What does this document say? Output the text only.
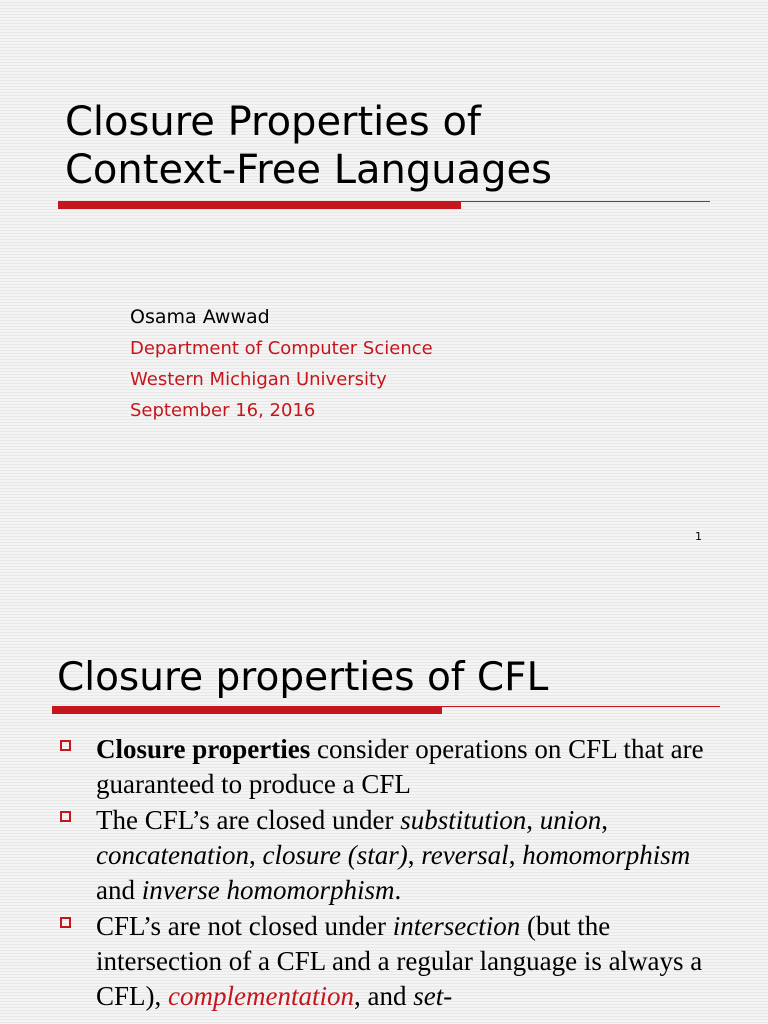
Closure Properties of
Context-Free Languages
Osama Awwad
Department of Computer Science
Western Michigan University
September 16, 2016
1
Closure properties of CFL
Closure properties consider operations on CFL that are guaranteed to produce a CFL
The CFL’s are closed under substitution, union, concatenation, closure (star), reversal, homomorphism and inverse homomorphism.
CFL’s are not closed under intersection (but the intersection of a CFL and a regular language is always a CFL), complementation, and set-
